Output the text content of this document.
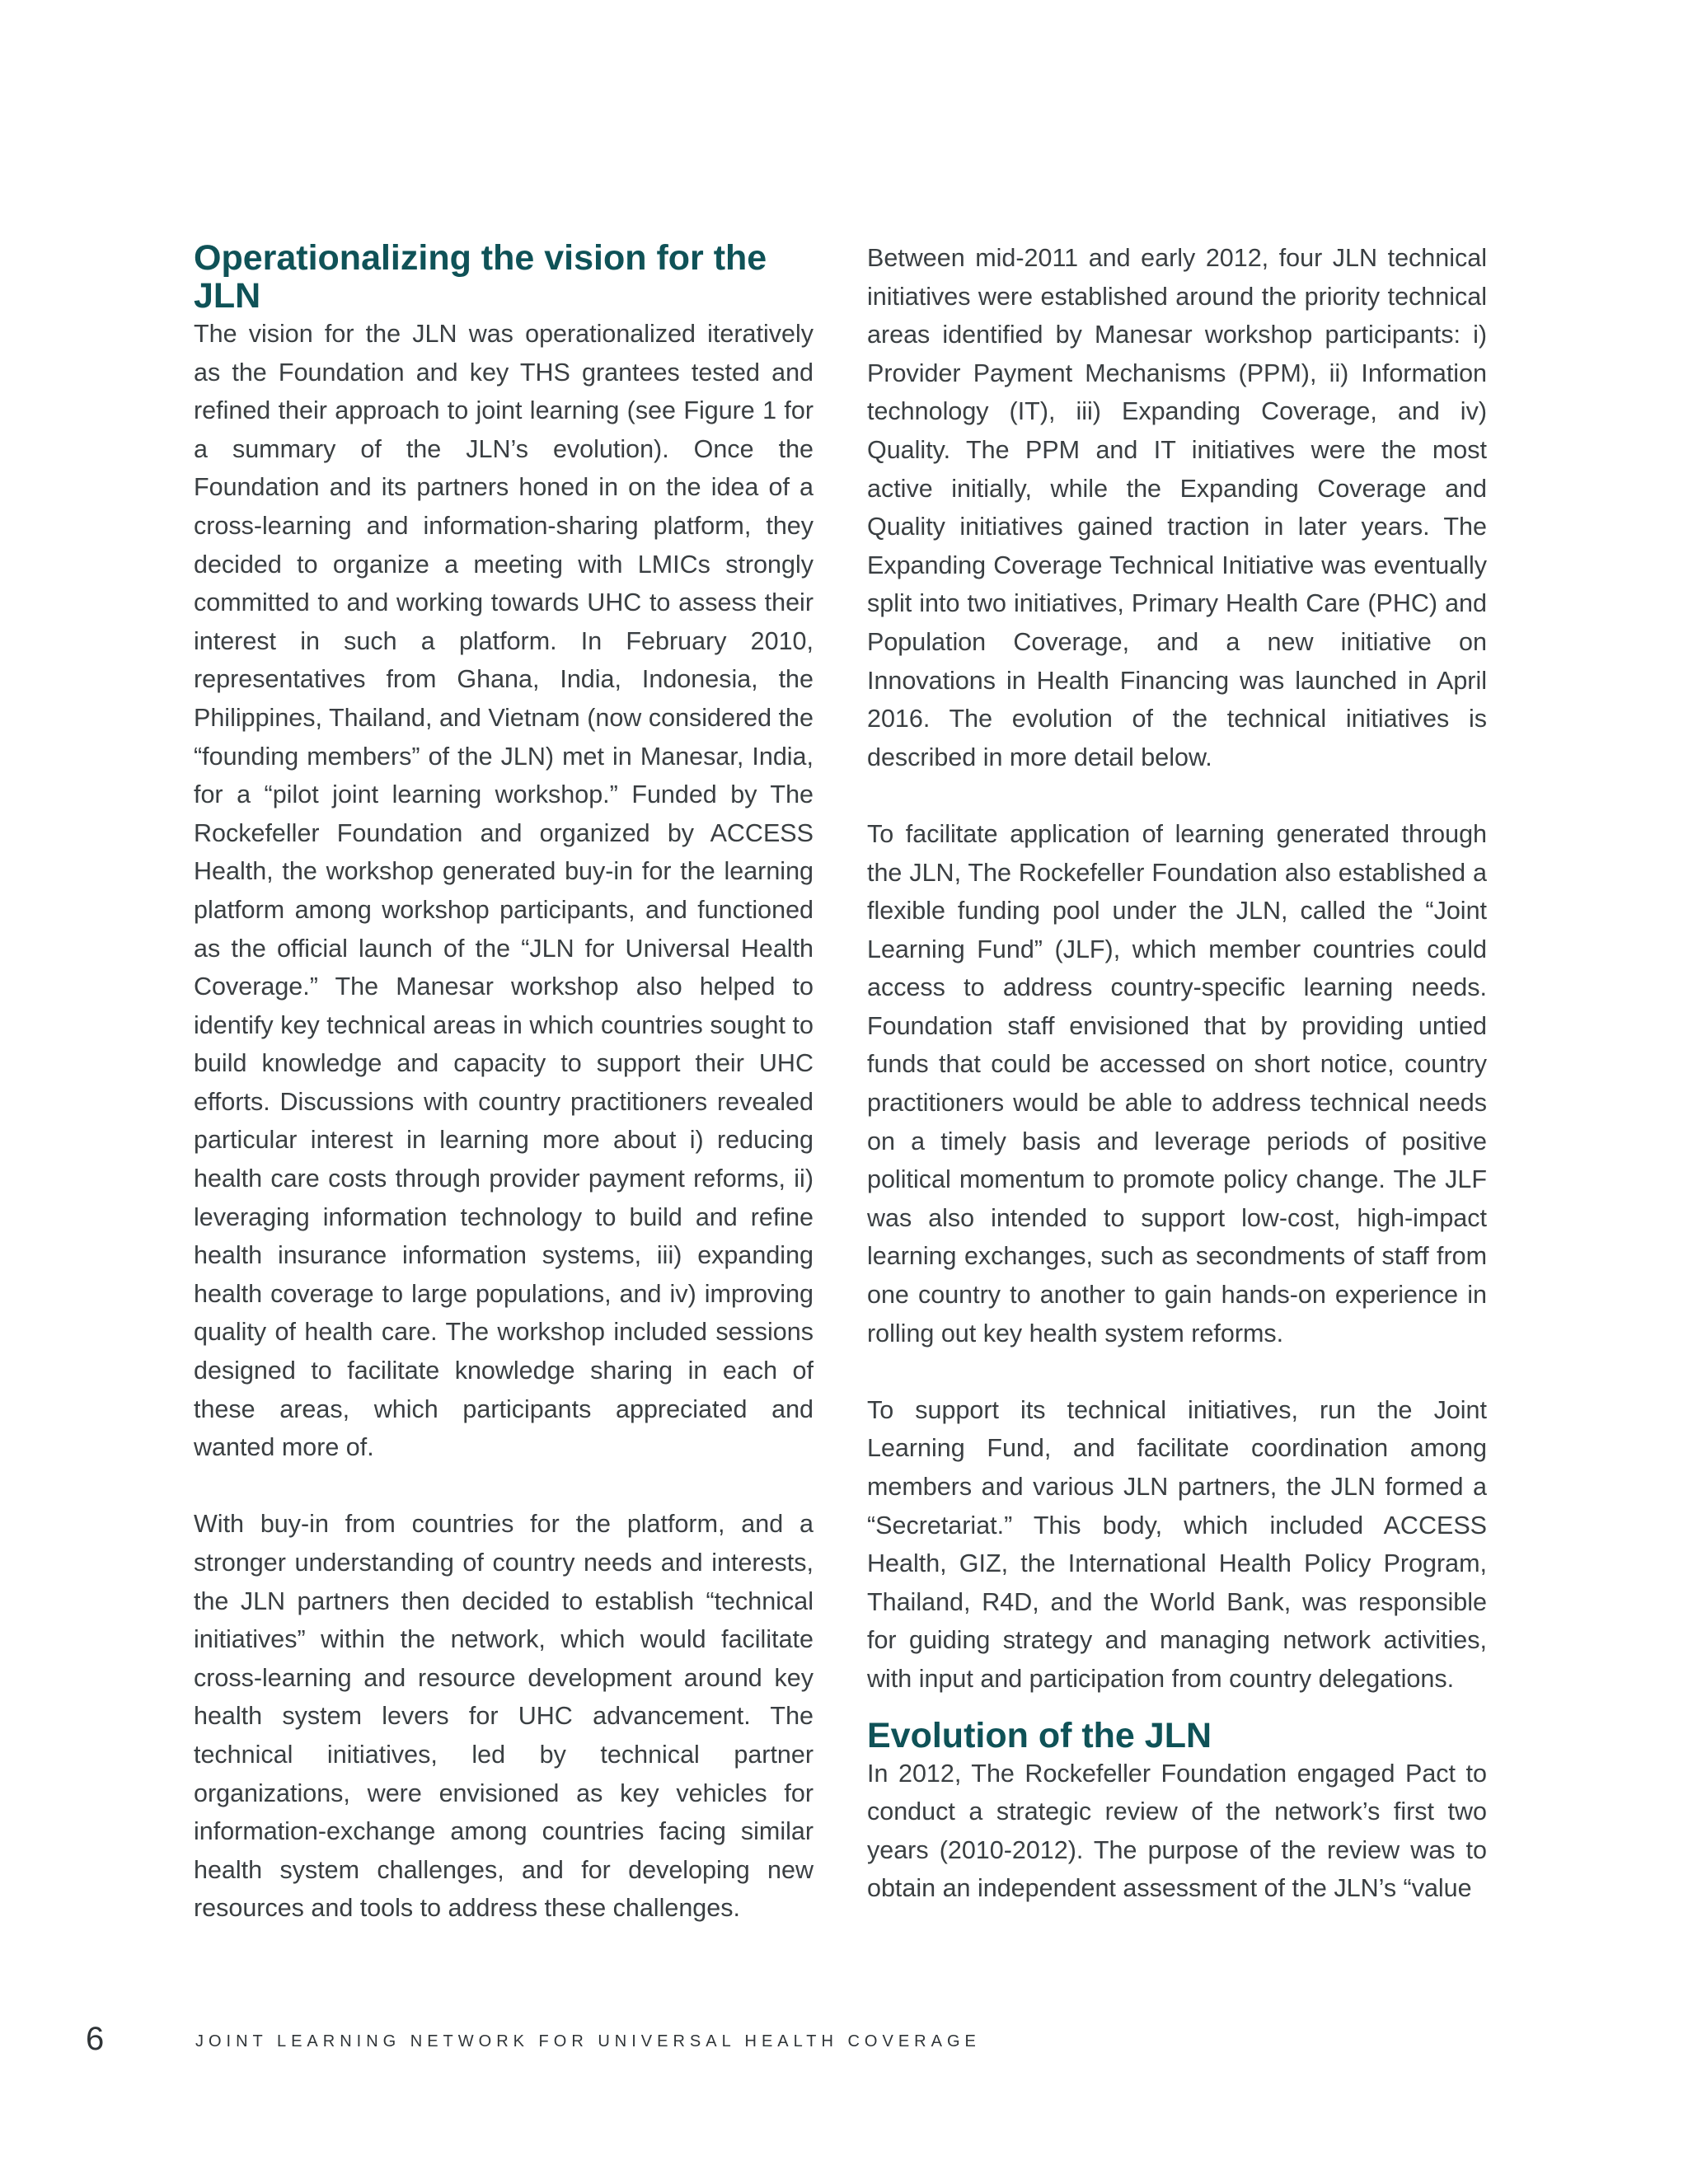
Operationalizing the vision for the JLN

The vision for the JLN was operationalized iteratively as the Foundation and key THS grantees tested and refined their approach to joint learning (see Figure 1 for a summary of the JLN’s evolution). Once the Foundation and its partners honed in on the idea of a cross-learning and information-sharing platform, they decided to organize a meeting with LMICs strongly committed to and working towards UHC to assess their interest in such a platform. In February 2010, representatives from Ghana, India, Indonesia, the Philippines, Thailand, and Vietnam (now considered the “founding members” of the JLN) met in Manesar, India, for a “pilot joint learning workshop.” Funded by The Rockefeller Foundation and organized by ACCESS Health, the workshop generated buy-in for the learning platform among workshop participants, and functioned as the official launch of the “JLN for Universal Health Coverage.” The Manesar workshop also helped to identify key technical areas in which countries sought to build knowledge and capacity to support their UHC efforts. Discussions with country practitioners revealed particular interest in learning more about i) reducing health care costs through provider payment reforms, ii) leveraging information technology to build and refine health insurance information systems, iii) expanding health coverage to large populations, and iv) improving quality of health care. The workshop included sessions designed to facilitate knowledge sharing in each of these areas, which participants appreciated and wanted more of.

With buy-in from countries for the platform, and a stronger understanding of country needs and interests, the JLN partners then decided to establish “technical initiatives” within the network, which would facilitate cross-learning and resource development around key health system levers for UHC advancement. The technical initiatives, led by technical partner organizations, were envisioned as key vehicles for information-exchange among countries facing similar health system challenges, and for developing new resources and tools to address these challenges.

Between mid-2011 and early 2012, four JLN technical initiatives were established around the priority technical areas identified by Manesar workshop participants: i) Provider Payment Mechanisms (PPM), ii) Information technology (IT), iii) Expanding Coverage, and iv) Quality. The PPM and IT initiatives were the most active initially, while the Expanding Coverage and Quality initiatives gained traction in later years. The Expanding Coverage Technical Initiative was eventually split into two initiatives, Primary Health Care (PHC) and Population Coverage, and a new initiative on Innovations in Health Financing was launched in April 2016. The evolution of the technical initiatives is described in more detail below.

To facilitate application of learning generated through the JLN, The Rockefeller Foundation also established a flexible funding pool under the JLN, called the “Joint Learning Fund” (JLF), which member countries could access to address country-specific learning needs. Foundation staff envisioned that by providing untied funds that could be accessed on short notice, country practitioners would be able to address technical needs on a timely basis and leverage periods of positive political momentum to promote policy change. The JLF was also intended to support low-cost, high-impact learning exchanges, such as secondments of staff from one country to another to gain hands-on experience in rolling out key health system reforms.

To support its technical initiatives, run the Joint Learning Fund, and facilitate coordination among members and various JLN partners, the JLN formed a “Secretariat.” This body, which included ACCESS Health, GIZ, the International Health Policy Program, Thailand, R4D, and the World Bank, was responsible for guiding strategy and managing network activities, with input and participation from country delegations.

Evolution of the JLN

In 2012, The Rockefeller Foundation engaged Pact to conduct a strategic review of the network’s first two years (2010-2012). The purpose of the review was to obtain an independent assessment of the JLN’s “value

6	JOINT LEARNING NETWORK FOR UNIVERSAL HEALTH COVERAGE
